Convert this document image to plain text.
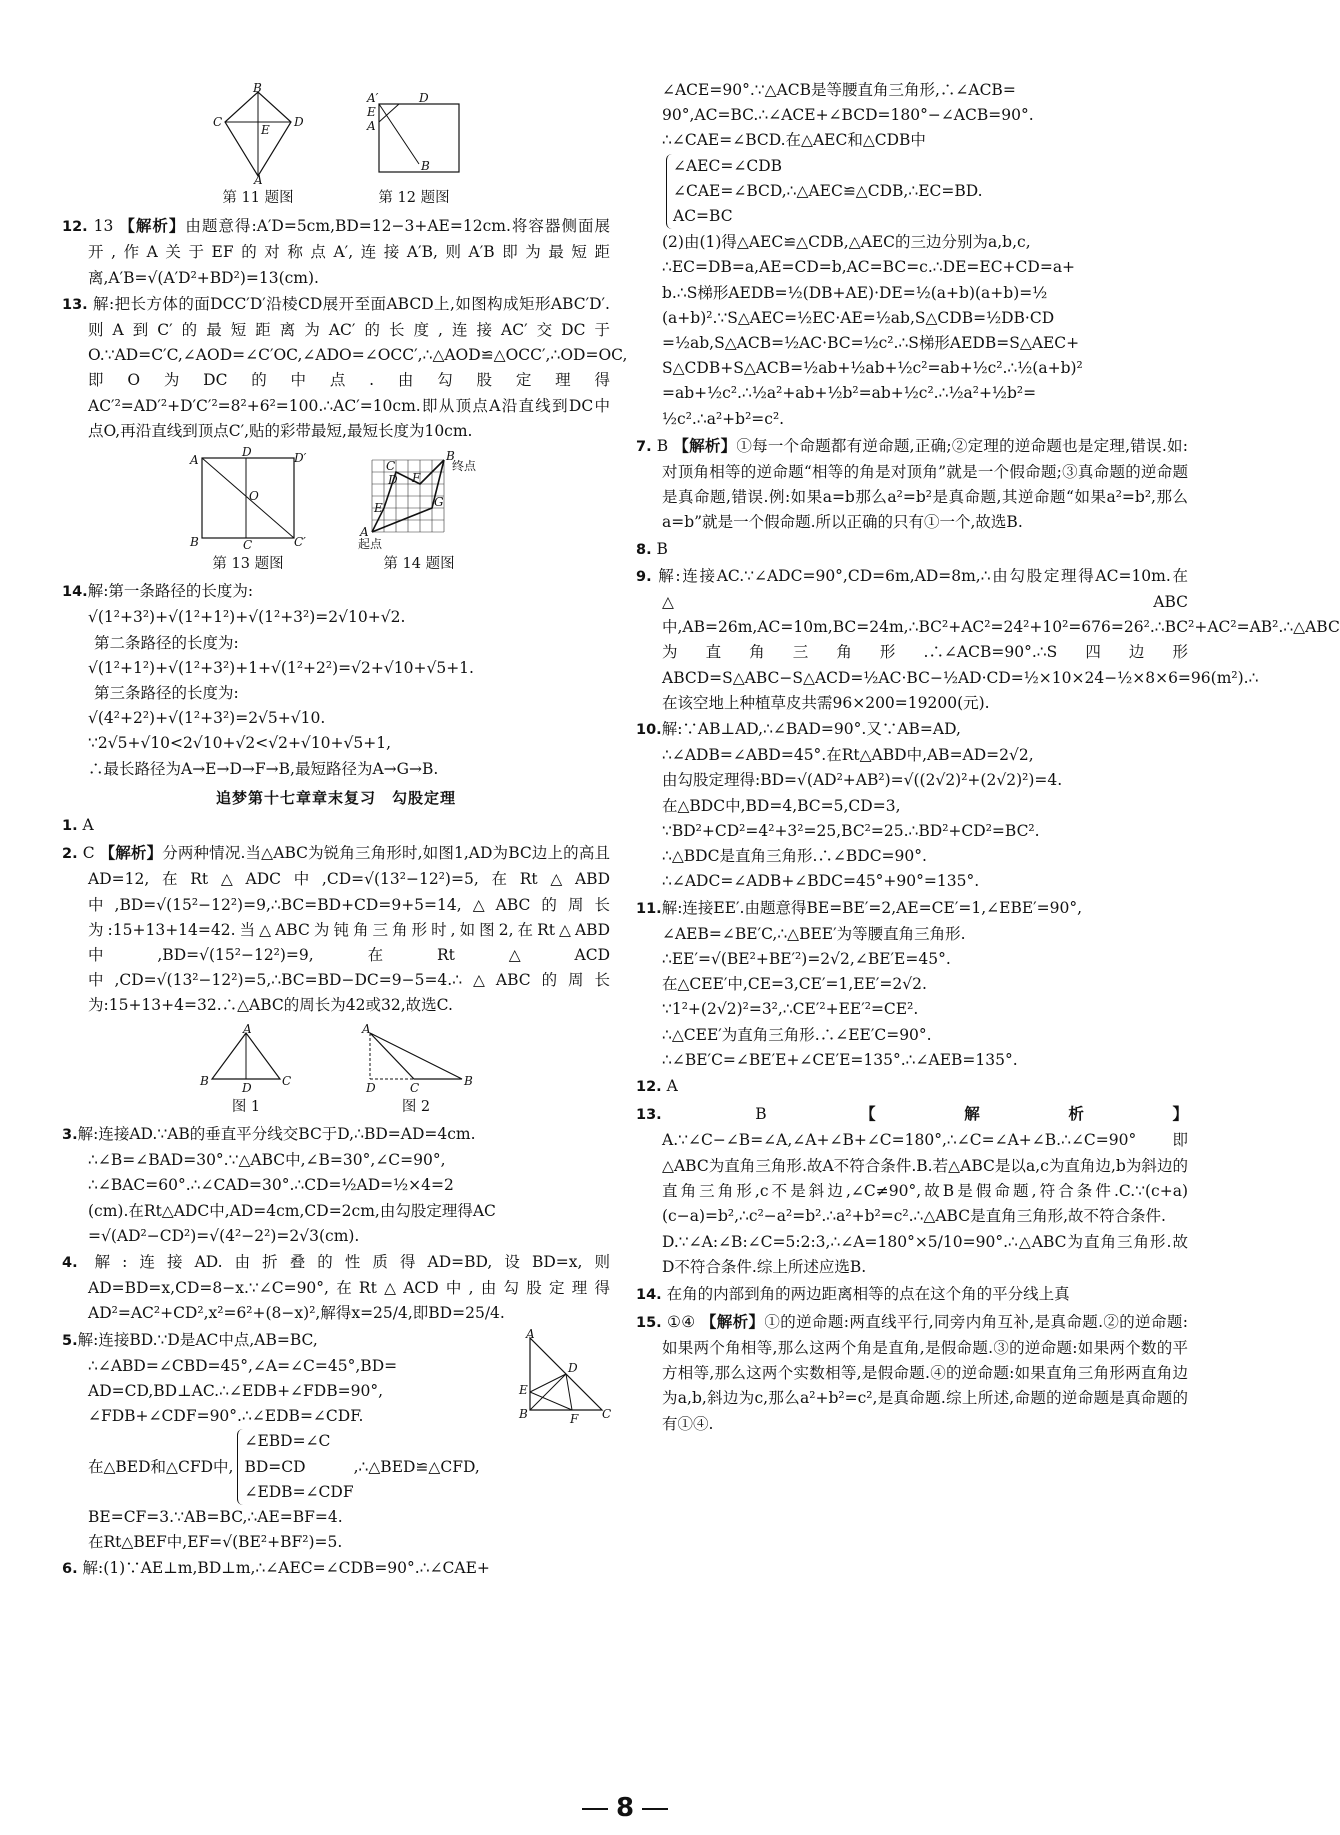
B
C
E
D
A
第 11 题图
A′	D
E
A
B
第 12 题图
12. 13 【解析】由题意得:A′D=5cm,BD=12−3+AE=12cm.将容器侧面展开,作A关于EF的对称点A′,连接A′B,则A′B即为最短距离,A′B=√(A′D²+BD²)=13(cm).
13. 解:把长方体的面DCC′D′沿棱CD展开至面ABCD上,如图构成矩形ABC′D′.则A到C′的最短距离为AC′的长度,连接AC′交DC于O.∵AD=C′C,∠AOD=∠C′OC,∠ADO=∠OCC′,∴△AOD≌△OCC′,∴OD=OC,即O为DC的中点.由勾股定理得AC′²=AD′²+D′C′²=8²+6²=100.∴AC′=10cm.即从顶点A沿直线到DC中点O,再沿直线到顶点C′,贴的彩带最短,最短长度为10cm.
A
D	D′
O
B	C	C′
第 13 题图
B
终点
C
D F
E	G
A
起点
第 14 题图

14.解:第一条路径的长度为:

√(1²+3²)+√(1²+1²)+√(1²+3²)=2√10+√2.

第二条路径的长度为:

√(1²+1²)+√(1²+3²)+1+√(1²+2²)=√2+√10+√5+1.

第三条路径的长度为:

√(4²+2²)+√(1²+3²)=2√5+√10.

∵2√5+√10<2√10+√2<√2+√10+√5+1,

∴最长路径为A→E→D→F→B,最短路径为A→G→B.

追梦第十七章章末复习　勾股定理
1. A
2. C 【解析】分两种情况.当△ABC为锐角三角形时,如图1,AD为BC边上的高且AD=12,在Rt△ADC中,CD=√(13²−12²)=5,在Rt△ABD中,BD=√(15²−12²)=9,∴BC=BD+CD=9+5=14,△ABC的周长为:15+13+14=42.当△ABC为钝角三角形时,如图2,在Rt△ABD中,BD=√(15²−12²)=9,在Rt△ACD中,CD=√(13²−12²)=5,∴BC=BD−DC=9−5=4.∴△ABC的周长为:15+13+4=32.∴△ABC的周长为42或32,故选C.
A
B	D	C
图 1
A
D	C	B
图 2

3.解:连接AD.∵AB的垂直平分线交BC于D,∴BD=AD=4cm.

∴∠B=∠BAD=30°.∵△ABC中,∠B=30°,∠C=90°,

∴∠BAC=60°.∴∠CAD=30°.∴CD=½AD=½×4=2

(cm).在Rt△ADC中,AD=4cm,CD=2cm,由勾股定理得AC

=√(AD²−CD²)=√(4²−2²)=2√3(cm).

4. 解:连接AD.由折叠的性质得AD=BD,设BD=x,则AD=BD=x,CD=8−x.∵∠C=90°,在Rt△ACD中,由勾股定理得AD²=AC²+CD²,x²=6²+(8−x)²,解得x=25/4,即BD=25/4.
A
E
D
B	F C

5.解:连接BD.∵D是AC中点,AB=BC,

∴∠ABD=∠CBD=45°,∠A=∠C=45°,BD=

AD=CD,BD⊥AC.∴∠EDB+∠FDB=90°,

∠FDB+∠CDF=90°.∴∠EDB=∠CDF.

在△BED和△CFD中,

∠EBD=∠C

BD=CD

∠EDB=∠CDF

,∴△BED≌△CFD,

BE=CF=3.∵AB=BC,∴AE=BF=4.

在Rt△BEF中,EF=√(BE²+BF²)=5.

6. 解:(1)∵AE⊥m,BD⊥m,∴∠AEC=∠CDB=90°.∴∠CAE+

∠ACE=90°.∵△ACB是等腰直角三角形,∴∠ACB=

90°,AC=BC.∴∠ACE+∠BCD=180°−∠ACB=90°.

∴∠CAE=∠BCD.在△AEC和△CDB中

∠AEC=∠CDB

∠CAE=∠BCD,∴△AEC≌△CDB,∴EC=BD.

AC=BC

(2)由(1)得△AEC≌△CDB,△AEC的三边分别为a,b,c,

∴EC=DB=a,AE=CD=b,AC=BC=c.∴DE=EC+CD=a+

b.∴S梯形AEDB=½(DB+AE)·DE=½(a+b)(a+b)=½

(a+b)².∵S△AEC=½EC·AE=½ab,S△CDB=½DB·CD

=½ab,S△ACB=½AC·BC=½c².∴S梯形AEDB=S△AEC+

S△CDB+S△ACB=½ab+½ab+½c²=ab+½c².∴½(a+b)²

=ab+½c².∴½a²+ab+½b²=ab+½c².∴½a²+½b²=

½c².∴a²+b²=c².

7. B 【解析】①每一个命题都有逆命题,正确;②定理的逆命题也是定理,错误.如:对顶角相等的逆命题“相等的角是对顶角”就是一个假命题;③真命题的逆命题是真命题,错误.例:如果a=b那么a²=b²是真命题,其逆命题“如果a²=b²,那么a=b”就是一个假命题.所以正确的只有①一个,故选B.
8. B
9. 解:连接AC.∵∠ADC=90°,CD=6m,AD=8m,∴由勾股定理得AC=10m.在△ABC中,AB=26m,AC=10m,BC=24m,∴BC²+AC²=24²+10²=676=26².∴BC²+AC²=AB².∴△ABC为直角三角形.∴∠ACB=90°.∴S四边形ABCD=S△ABC−S△ACD=½AC·BC−½AD·CD=½×10×24−½×8×6=96(m²).∴在该空地上种植草皮共需96×200=19200(元).

10.解:∵AB⊥AD,∴∠BAD=90°.又∵AB=AD,

∴∠ADB=∠ABD=45°.在Rt△ABD中,AB=AD=2√2,

由勾股定理得:BD=√(AD²+AB²)=√((2√2)²+(2√2)²)=4.

在△BDC中,BD=4,BC=5,CD=3,

∵BD²+CD²=4²+3²=25,BC²=25.∴BD²+CD²=BC².

∴△BDC是直角三角形.∴∠BDC=90°.

∴∠ADC=∠ADB+∠BDC=45°+90°=135°.

11.解:连接EE′.由题意得BE=BE′=2,AE=CE′=1,∠EBE′=90°,

∠AEB=∠BE′C,∴△BEE′为等腰直角三角形.

∴EE′=√(BE²+BE′²)=2√2,∠BE′E=45°.

在△CEE′中,CE=3,CE′=1,EE′=2√2.

∵1²+(2√2)²=3²,∴CE′²+EE′²=CE².

∴△CEE′为直角三角形.∴∠EE′C=90°.

∴∠BE′C=∠BE′E+∠CE′E=135°.∴∠AEB=135°.

12. A
13.	B	【解析】A.∵∠C−∠B=∠A,∠A+∠B+∠C=180°,∴∠C=∠A+∠B.∴∠C=90°即△ABC为直角三角形.故A不符合条件.B.若△ABC是以a,c为直角边,b为斜边的直角三角形,c不是斜边,∠C≠90°,故B是假命题,符合条件.C.∵(c+a)(c−a)=b²,∴c²−a²=b².∴a²+b²=c².∴△ABC是直角三角形,故不符合条件.
D.∵∠A:∠B:∠C=5:2:3,∴∠A=180°×5/10=90°.∴△ABC为直角三角形.故D不符合条件.综上所述应选B.
14. 在角的内部到角的两边距离相等的点在这个角的平分线上真
15. ①④ 【解析】①的逆命题:两直线平行,同旁内角互补,是真命题.②的逆命题:如果两个角相等,那么这两个角是直角,是假命题.③的逆命题:如果两个数的平方相等,那么这两个实数相等,是假命题.④的逆命题:如果直角三角形两直角边为a,b,斜边为c,那么a²+b²=c²,是真命题.综上所述,命题的逆命题是真命题的有①④.
8
